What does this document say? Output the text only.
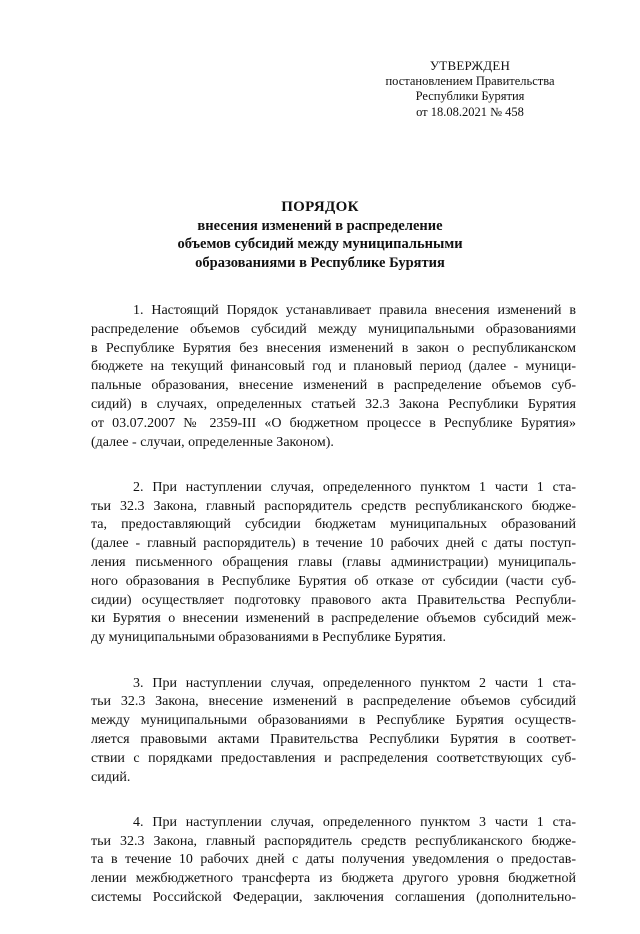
УТВЕРЖДЕН
постановлением Правительства
Республики Бурятия
от 18.08.2021 № 458
ПОРЯДОК
внесения изменений в распределение
объемов субсидий между муниципальными
образованиями в Республике Бурятия
1. Настоящий Порядок устанавливает правила внесения изменений в
распределение объемов субсидий между муниципальными образованиями
в Республике Бурятия без внесения изменений в закон о республиканском
бюджете на текущий финансовый год и плановый период (далее - муници-
пальные образования, внесение изменений в распределение объемов суб-
сидий) в случаях, определенных статьей 32.3 Закона Республики Бурятия
от 03.07.2007 № 2359-III «О бюджетном процессе в Республике Бурятия»
(далее - случаи, определенные Законом).
2. При наступлении случая, определенного пунктом 1 части 1 ста-
тьи 32.3 Закона, главный распорядитель средств республиканского бюдже-
та, предоставляющий субсидии бюджетам муниципальных образований
(далее - главный распорядитель) в течение 10 рабочих дней с даты поступ-
ления письменного обращения главы (главы администрации) муниципаль-
ного образования в Республике Бурятия об отказе от субсидии (части суб-
сидии) осуществляет подготовку правового акта Правительства Республи-
ки Бурятия о внесении изменений в распределение объемов субсидий меж-
ду муниципальными образованиями в Республике Бурятия.
3. При наступлении случая, определенного пунктом 2 части 1 ста-
тьи 32.3 Закона, внесение изменений в распределение объемов субсидий
между муниципальными образованиями в Республике Бурятия осуществ-
ляется правовыми актами Правительства Республики Бурятия в соответ-
ствии с порядками предоставления и распределения соответствующих суб-
сидий.
4. При наступлении случая, определенного пунктом 3 части 1 ста-
тьи 32.3 Закона, главный распорядитель средств республиканского бюдже-
та в течение 10 рабочих дней с даты получения уведомления о предостав-
лении межбюджетного трансферта из бюджета другого уровня бюджетной
системы Российской Федерации, заключения соглашения (дополнительно-
